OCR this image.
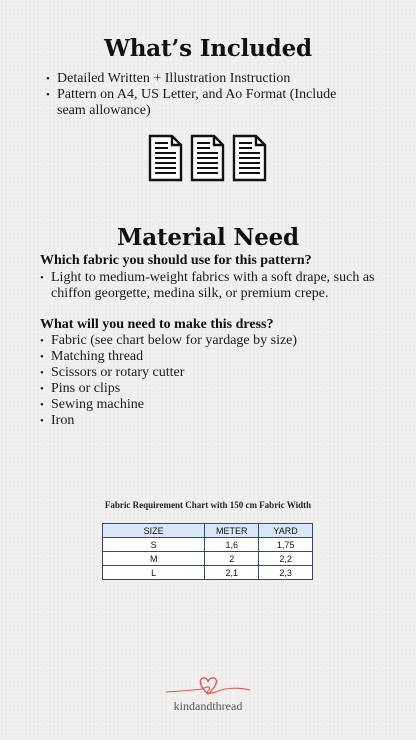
What’s Included
• Detailed Written + Illustration Instruction
• Pattern on A4, US Letter, and Ao Format (Include seam allowance)
Material Need
Which fabric you should use for this pattern?
• Light to medium-weight fabrics with a soft drape, such as chiffon georgette, medina silk, or premium crepe.
What will you need to make this dress?
• Fabric (see chart below for yardage by size)
• Matching thread
• Scissors or rotary cutter
• Pins or clips
• Sewing machine
• Iron
Fabric Requirement Chart with 150 cm Fabric Width
SIZE	METER	YARD
S	1,6	1,75
M	2	2,2
L	2,1	2,3
kindandthread
